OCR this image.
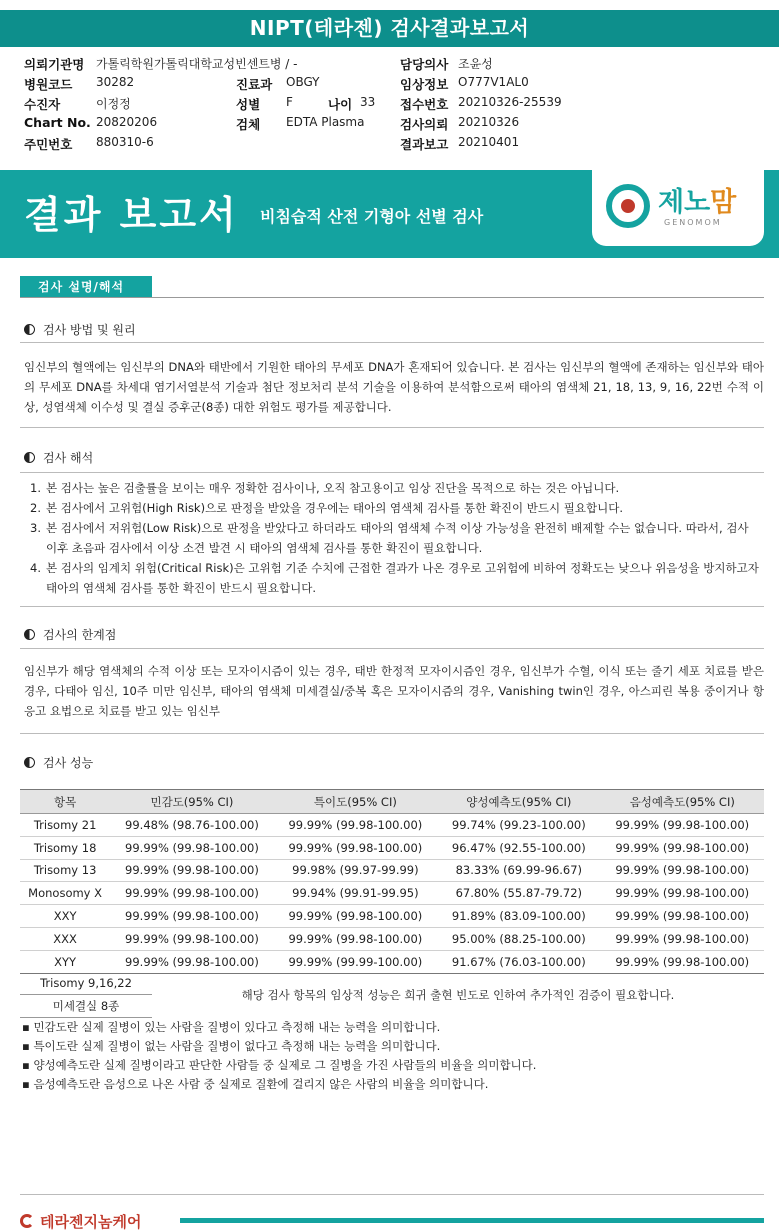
NIPT(테라젠) 검사결과보고서
의뢰기관명 가톨릭학원가톨릭대학교성빈센트병 / -	담당의사 조윤성
병원코드 30282	진료과 OBGY	임상정보 O777V1AL0
수진자	이정정	성별 F	나이 33 접수번호 20210326-25539
Chart No. 20820206	검체 EDTA Plasma	검사의뢰 20210326
주민번호 880310-6	결과보고 20210401
결과 보고서 비침습적 산전 기형아 선별 검사	제노맘
GENOMOM
검사 설명/해석
검사 방법 및 원리
임신부의 혈액에는 임신부의 DNA와 태반에서 기원한 태아의 무세포 DNA가 혼재되어 있습니다. 본 검사는 임신부의 혈액에 존재하는 임신부와 태아의 무세포 DNA를 차세대 염기서열분석 기술과 첨단 정보처리 분석 기술을 이용하여 분석함으로써 태아의 염색체 21, 18, 13, 9, 16, 22번 수적 이상, 성염색체 이수성 및 결실 증후군(8종) 대한 위험도 평가를 제공합니다.
검사 해석
1. 본 검사는 높은 검출률을 보이는 매우 정확한 검사이나, 오직 참고용이고 임상 진단을 목적으로 하는 것은 아닙니다.
2. 본 검사에서 고위험(High Risk)으로 판정을 받았을 경우에는 태아의 염색체 검사를 통한 확진이 반드시 필요합니다.
3. 본 검사에서 저위험(Low Risk)으로 판정을 받았다고 하더라도 태아의 염색체 수적 이상 가능성을 완전히 배제할 수는 없습니다. 따라서, 검사 이후 초음파 검사에서 이상 소견 발견 시 태아의 염색체 검사를 통한 확진이 필요합니다.
4. 본 검사의 임계치 위험(Critical Risk)은 고위험 기준 수치에 근접한 결과가 나온 경우로 고위험에 비하여 정확도는 낮으나 위음성을 방지하고자 태아의 염색체 검사를 통한 확진이 반드시 필요합니다.
검사의 한계점
임신부가 해당 염색체의 수적 이상 또는 모자이시즘이 있는 경우, 태반 한정적 모자이시즘인 경우, 임신부가 수혈, 이식 또는 줄기 세포 치료를 받은 경우, 다태아 임신, 10주 미만 임신부, 태아의 염색체 미세결실/중복 혹은 모자이시즘의 경우, Vanishing twin인 경우, 아스피린 복용 중이거나 항 응고 요법으로 치료를 받고 있는 임신부
검사 성능
항목	민감도(95% CI)	특이도(95% CI)	양성예측도(95% CI)	음성예측도(95% CI)
Trisomy 21	99.48% (98.76-100.00)	99.99% (99.98-100.00)	99.74% (99.23-100.00)	99.99% (99.98-100.00)
Trisomy 18	99.99% (99.98-100.00)	99.99% (99.98-100.00)	96.47% (92.55-100.00)	99.99% (99.98-100.00)
Trisomy 13	99.99% (99.98-100.00)	99.98% (99.97-99.99)	83.33% (69.99-96.67)	99.99% (99.98-100.00)
Monosomy X	99.99% (99.98-100.00)	99.94% (99.91-99.95)	67.80% (55.87-79.72)	99.99% (99.98-100.00)
XXY	99.99% (99.98-100.00)	99.99% (99.98-100.00)	91.89% (83.09-100.00)	99.99% (99.98-100.00)
XXX	99.99% (99.98-100.00)	99.99% (99.98-100.00)	95.00% (88.25-100.00)	99.99% (99.98-100.00)
XYY	99.99% (99.98-100.00)	99.99% (99.99-100.00)	91.67% (76.03-100.00)	99.99% (99.98-100.00)
Trisomy 9,16,22
미세결실 8종
해당 검사 항목의 임상적 성능은 희귀 출현 빈도로 인하여 추가적인 검증이 필요합니다.
▪ 민감도란 실제 질병이 있는 사람을 질병이 있다고 측정해 내는 능력을 의미합니다.
▪ 특이도란 실제 질병이 없는 사람을 질병이 없다고 측정해 내는 능력을 의미합니다.
▪ 양성예측도란 실제 질병이라고 판단한 사람들 중 실제로 그 질병을 가진 사람들의 비율을 의미합니다.
▪ 음성예측도란 음성으로 나온 사람 중 실제로 질환에 걸리지 않은 사람의 비율을 의미합니다.
테라젠지놈케어
